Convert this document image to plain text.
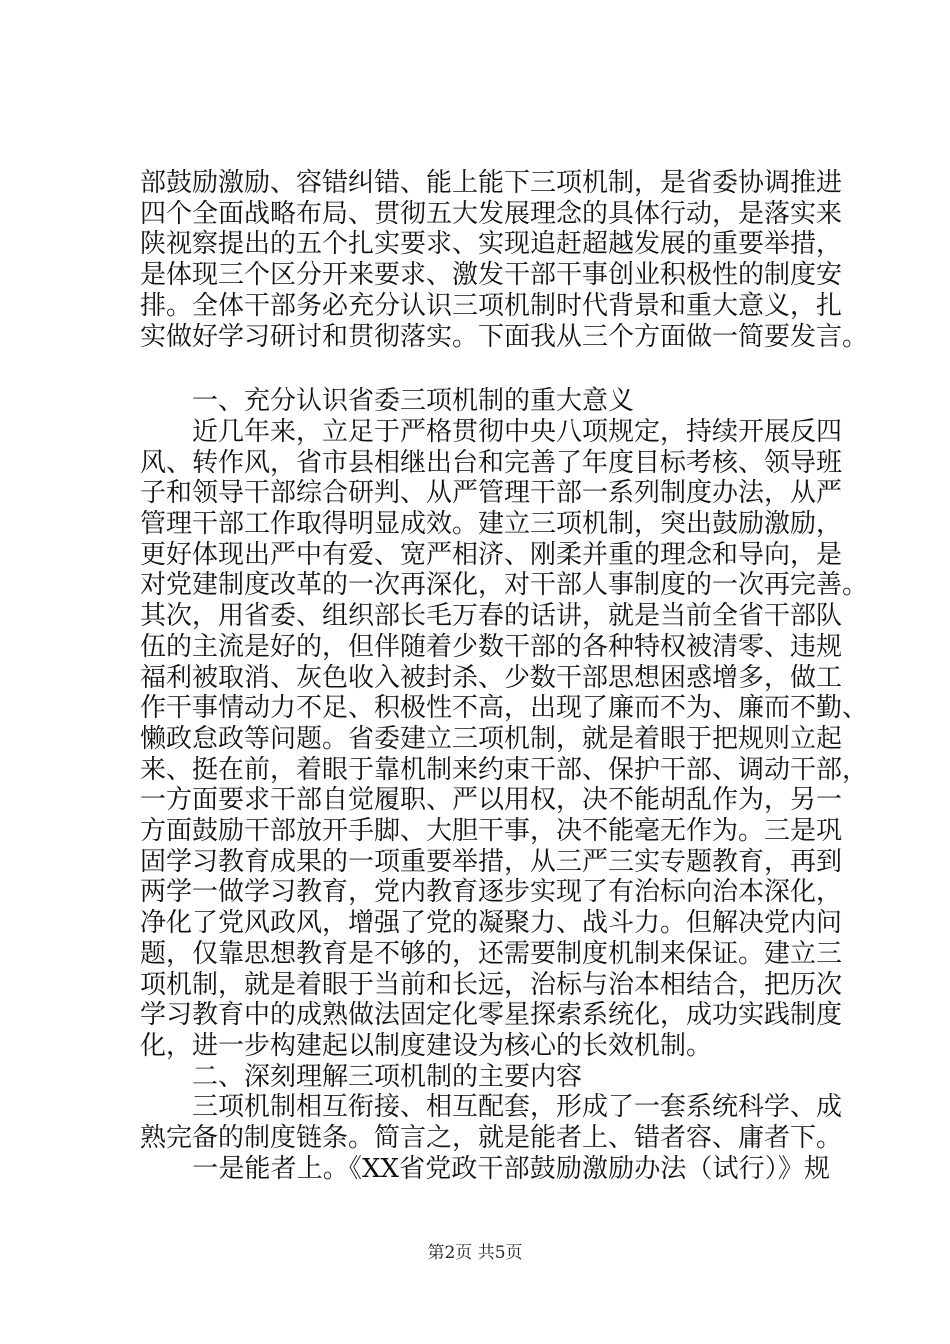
部鼓励激励、容错纠错、能上能下三项机制，是省委协调推进
四个全面战略布局、贯彻五大发展理念的具体行动，是落实来
陕视察提出的五个扎实要求、实现追赶超越发展的重要举措，
是体现三个区分开来要求、激发干部干事创业积极性的制度安
排。全体干部务必充分认识三项机制时代背景和重大意义，扎
实做好学习研讨和贯彻落实。下面我从三个方面做一简要发言。
　　一、充分认识省委三项机制的重大意义
　　近几年来，立足于严格贯彻中央八项规定，持续开展反四
风、转作风，省市县相继出台和完善了年度目标考核、领导班
子和领导干部综合研判、从严管理干部一系列制度办法，从严
管理干部工作取得明显成效。建立三项机制，突出鼓励激励，
更好体现出严中有爱、宽严相济、刚柔并重的理念和导向，是
对党建制度改革的一次再深化，对干部人事制度的一次再完善。
其次，用省委、组织部长毛万春的话讲，就是当前全省干部队
伍的主流是好的，但伴随着少数干部的各种特权被清零、违规
福利被取消、灰色收入被封杀、少数干部思想困惑增多，做工
作干事情动力不足、积极性不高，出现了廉而不为、廉而不勤、
懒政怠政等问题。省委建立三项机制，就是着眼于把规则立起
来、挺在前，着眼于靠机制来约束干部、保护干部、调动干部，
一方面要求干部自觉履职、严以用权，决不能胡乱作为，另一
方面鼓励干部放开手脚、大胆干事，决不能毫无作为。三是巩
固学习教育成果的一项重要举措，从三严三实专题教育，再到
两学一做学习教育，党内教育逐步实现了有治标向治本深化，
净化了党风政风，增强了党的凝聚力、战斗力。但解决党内问
题，仅靠思想教育是不够的，还需要制度机制来保证。建立三
项机制，就是着眼于当前和长远，治标与治本相结合，把历次
学习教育中的成熟做法固定化零星探索系统化，成功实践制度
化，进一步构建起以制度建设为核心的长效机制。
　　二、深刻理解三项机制的主要内容
　　三项机制相互衔接、相互配套，形成了一套系统科学、成
熟完备的制度链条。简言之，就是能者上、错者容、庸者下。
　　一是能者上。《XX省党政干部鼓励激励办法（试行）》规
第2页 共5页
